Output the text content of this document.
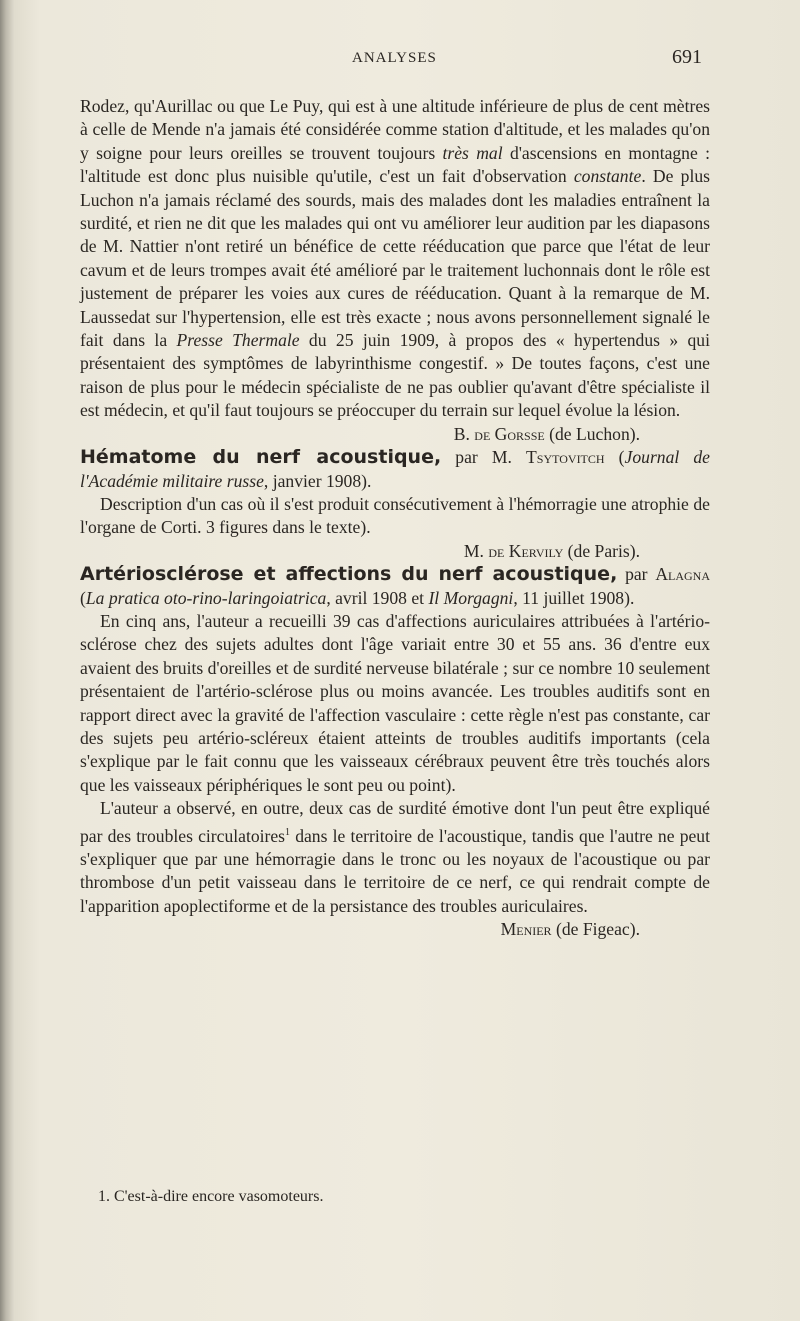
ANALYSES	691

Rodez, qu'Aurillac ou que Le Puy, qui est à une altitude inférieure de plus de cent mètres à celle de Mende n'a jamais été considérée comme station d'altitude, et les malades qu'on y soigne pour leurs oreilles se trouvent toujours très mal d'ascensions en montagne : l'altitude est donc plus nuisible qu'utile, c'est un fait d'observation constante. De plus Luchon n'a jamais réclamé des sourds, mais des malades dont les maladies entraînent la surdité, et rien ne dit que les malades qui ont vu améliorer leur audition par les diapasons de M. Nattier n'ont retiré un bénéfice de cette rééducation que parce que l'état de leur cavum et de leurs trompes avait été amélioré par le traitement luchonnais dont le rôle est justement de préparer les voies aux cures de rééducation. Quant à la remarque de M. Laussedat sur l'hypertension, elle est très exacte ; nous avons personnellement signalé le fait dans la Presse Thermale du 25 juin 1909, à propos des « hypertendus » qui présentaient des symptômes de labyrinthisme congestif. » De toutes façons, c'est une raison de plus pour le médecin spécialiste de ne pas oublier qu'avant d'être spécialiste il est médecin, et qu'il faut toujours se préoccuper du terrain sur lequel évolue la lésion.

B. de Gorsse (de Luchon).

Hématome du nerf acoustique, par M. Tsytovitch (Journal de l'Académie militaire russe, janvier 1908).

Description d'un cas où il s'est produit consécutivement à l'hémorragie une atrophie de l'organe de Corti. 3 figures dans le texte).

M. de Kervily (de Paris).

Artériosclérose et affections du nerf acoustique, par Alagna (La pratica oto-rino-laringoiatrica, avril 1908 et Il Morgagni, 11 juillet 1908).

En cinq ans, l'auteur a recueilli 39 cas d'affections auriculaires attribuées à l'artério-sclérose chez des sujets adultes dont l'âge variait entre 30 et 55 ans. 36 d'entre eux avaient des bruits d'oreilles et de surdité nerveuse bilatérale ; sur ce nombre 10 seulement présentaient de l'artério-sclérose plus ou moins avancée. Les troubles auditifs sont en rapport direct avec la gravité de l'affection vasculaire : cette règle n'est pas constante, car des sujets peu artério-scléreux étaient atteints de troubles auditifs importants (cela s'explique par le fait connu que les vaisseaux cérébraux peuvent être très touchés alors que les vaisseaux périphériques le sont peu ou point).

L'auteur a observé, en outre, deux cas de surdité émotive dont l'un peut être expliqué par des troubles circulatoires$^1$ dans le territoire de l'acoustique, tandis que l'autre ne peut s'expliquer que par une hémorragie dans le tronc ou les noyaux de l'acoustique ou par thrombose d'un petit vaisseau dans le territoire de ce nerf, ce qui rendrait compte de l'apparition apoplectiforme et de la persistance des troubles auriculaires.

Menier (de Figeac).

1. C'est-à-dire encore vasomoteurs.
